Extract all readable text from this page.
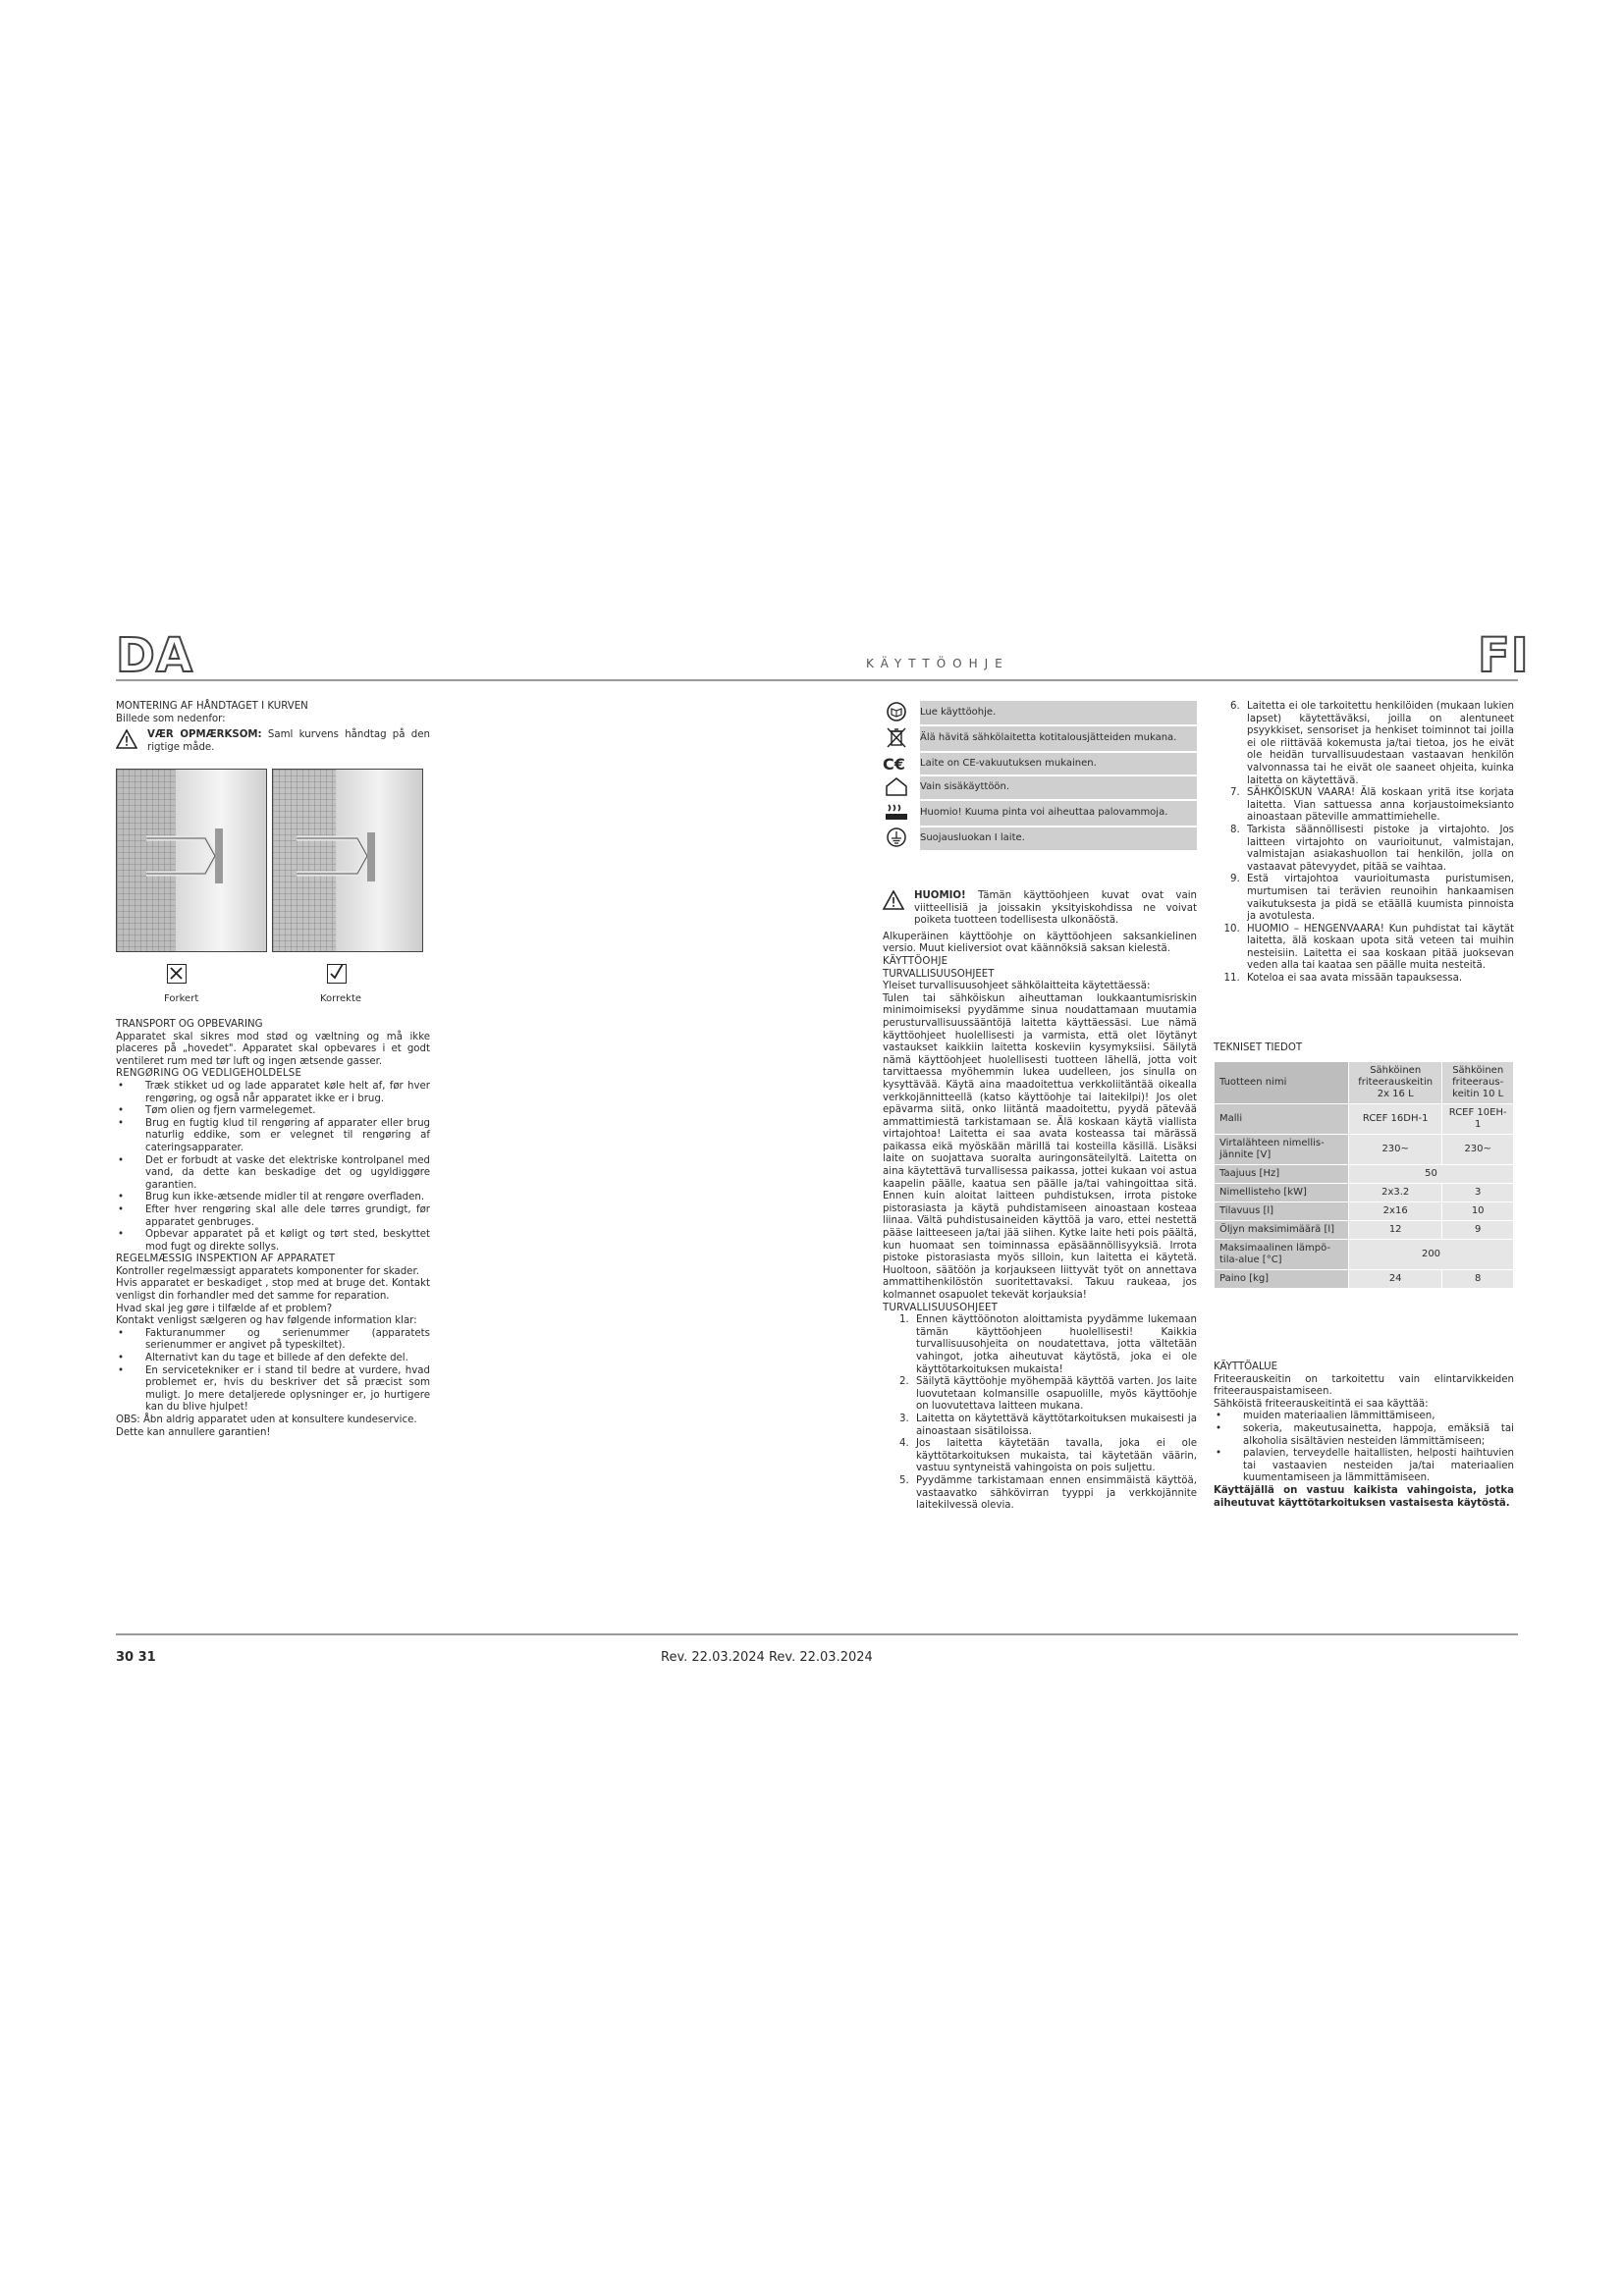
DA	KÄYTTÖOHJE	FI

MONTERING AF HÅNDTAGET I KURVEN

Billede som nedenfor:

VÆR OPMÆRKSOM: Saml kurvens håndtag på den rigtige måde.

Forkert	Korrekte

TRANSPORT OG OPBEVARING

Apparatet skal sikres mod stød og væltning og må ikke placeres på „hovedet". Apparatet skal opbevares i et godt ventileret rum med tør luft og ingen ætsende gasser.

RENGØRING OG VEDLIGEHOLDELSE

• Træk stikket ud og lade apparatet køle helt af, før hver rengøring, og også når apparatet ikke er i brug.
• Tøm olien og fjern varmelegemet.
• Brug en fugtig klud til rengøring af apparater eller brug naturlig eddike, som er velegnet til rengøring af cateringsapparater.
• Det er forbudt at vaske det elektriske kontrolpanel med vand, da dette kan beskadige det og ugyldiggøre garantien.
• Brug kun ikke-ætsende midler til at rengøre overfladen.
• Efter hver rengøring skal alle dele tørres grundigt, før apparatet genbruges.
• Opbevar apparatet på et køligt og tørt sted, beskyttet mod fugt og direkte sollys.

REGELMÆSSIG INSPEKTION AF APPARATET

Kontroller regelmæssigt apparatets komponenter for skader.

Hvis apparatet er beskadiget , stop med at bruge det. Kontakt venligst din forhandler med det samme for reparation.

Hvad skal jeg gøre i tilfælde af et problem?

Kontakt venligst sælgeren og hav følgende information klar:

• Fakturanummer og serienummer (apparatets serienummer er angivet på typeskiltet).
• Alternativt kan du tage et billede af den defekte del.
• En servicetekniker er i stand til bedre at vurdere, hvad problemet er, hvis du beskriver det så præcist som muligt. Jo mere detaljerede oplysninger er, jo hurtigere kan du blive hjulpet!

OBS: Åbn aldrig apparatet uden at konsultere kundeservice. Dette kan annullere garantien!

	Lue käyttöohje.
	Älä hävitä sähkölaitetta kotitalousjätteiden mukana.
C€	Laite on CE-vakuutuksen mukainen.
	Vain sisäkäyttöön.
	Huomio! Kuuma pinta voi aiheuttaa palovammoja.
	Suojausluokan I laite.

HUOMIO! Tämän käyttöohjeen kuvat ovat vain viitteellisiä ja joissakin yksityiskohdissa ne voivat poiketa tuotteen todellisesta ulkonäöstä.

Alkuperäinen käyttöohje on käyttöohjeen saksankielinen versio. Muut kieliversiot ovat käännöksiä saksan kielestä.

KÄYTTÖOHJE

TURVALLISUUSOHJEET

Yleiset turvallisuusohjeet sähkölaitteita käytettäessä:

Tulen tai sähköiskun aiheuttaman loukkaantumisriskin minimoimiseksi pyydämme sinua noudattamaan muutamia perusturvallisuussääntöjä laitetta käyttäessäsi. Lue nämä käyttöohjeet huolellisesti ja varmista, että olet löytänyt vastaukset kaikkiin laitetta koskeviin kysymyksiisi. Säilytä nämä käyttöohjeet huolellisesti tuotteen lähellä, jotta voit tarvittaessa myöhemmin lukea uudelleen, jos sinulla on kysyttävää. Käytä aina maadoitettua verkkoliitäntää oikealla verkkojännitteellä (katso käyttöohje tai laitekilpi)! Jos olet epävarma siitä, onko liitäntä maadoitettu, pyydä pätevää ammattimiestä tarkistamaan se. Älä koskaan käytä viallista virtajohtoa! Laitetta ei saa avata kosteassa tai märässä paikassa eikä myöskään märillä tai kosteilla käsillä. Lisäksi laite on suojattava suoralta auringonsäteilyltä. Laitetta on aina käytettävä turvallisessa paikassa, jottei kukaan voi astua kaapelin päälle, kaatua sen päälle ja/tai vahingoittaa sitä. Ennen kuin aloitat laitteen puhdistuksen, irrota pistoke pistorasiasta ja käytä puhdistamiseen ainoastaan kosteaa liinaa. Vältä puhdistusaineiden käyttöä ja varo, ettei nestettä pääse laitteeseen ja/tai jää siihen. Kytke laite heti pois päältä, kun huomaat sen toiminnassa epäsäännöllisyyksiä. Irrota pistoke pistorasiasta myös silloin, kun laitetta ei käytetä. Huoltoon, säätöön ja korjaukseen liittyvät työt on annettava ammattihenkilöstön suoritettavaksi. Takuu raukeaa, jos kolmannet osapuolet tekevät korjauksia!

TURVALLISUUSOHJEET

1. Ennen käyttöönoton aloittamista pyydämme lukemaan tämän käyttöohjeen huolellisesti! Kaikkia turvallisuusohjeita on noudatettava, jotta vältetään vahingot, jotka aiheutuvat käytöstä, joka ei ole käyttötarkoituksen mukaista!
2. Säilytä käyttöohje myöhempää käyttöä varten. Jos laite luovutetaan kolmansille osapuolille, myös käyttöohje on luovutettava laitteen mukana.
3. Laitetta on käytettävä käyttötarkoituksen mukaisesti ja ainoastaan sisätiloissa.
4. Jos laitetta käytetään tavalla, joka ei ole käyttötarkoituksen mukaista, tai käytetään väärin, vastuu syntyneistä vahingoista on pois suljettu.
5. Pyydämme tarkistamaan ennen ensimmäistä käyttöä, vastaavatko sähkövirran tyyppi ja verkkojännite laitekilvessä olevia.
6. Laitetta ei ole tarkoitettu henkilöiden (mukaan lukien lapset) käytettäväksi, joilla on alentuneet psyykkiset, sensoriset ja henkiset toiminnot tai joilla ei ole riittävää kokemusta ja/tai tietoa, jos he eivät ole heidän turvallisuudestaan vastaavan henkilön valvonnassa tai he eivät ole saaneet ohjeita, kuinka laitetta on käytettävä.
7. SÄHKÖISKUN VAARA! Älä koskaan yritä itse korjata laitetta. Vian sattuessa anna korjaustoimeksianto ainoastaan päteville ammattimiehelle.
8. Tarkista säännöllisesti pistoke ja virtajohto. Jos laitteen virtajohto on vaurioitunut, valmistajan, valmistajan asiakashuollon tai henkilön, jolla on vastaavat pätevyydet, pitää se vaihtaa.
9. Estä virtajohtoa vaurioitumasta puristumisen, murtumisen tai terävien reunoihin hankaamisen vaikutuksesta ja pidä se etäällä kuumista pinnoista ja avotulesta.
10. HUOMIO – HENGENVAARA! Kun puhdistat tai käytät laitetta, älä koskaan upota sitä veteen tai muihin nesteisiin. Laitetta ei saa koskaan pitää juoksevan veden alla tai kaataa sen päälle muita nesteitä.
11. Koteloa ei saa avata missään tapauksessa.
TEKNISET TIEDOT
Tuotteen nimi	Sähköinen friteerauskeitin 2x 16 L	Sähköinen friteeraus-keitin 10 L
Malli	RCEF 16DH-1	RCEF 10EH-1
Virtalähteen nimellis-jännite [V]	230~	230~
Taajuus [Hz]	50	
Nimellisteho [kW]	2x3.2	3
Tilavuus [l]	2x16	10
Öljyn maksimimäärä [l]	12	9
Maksimaalinen lämpö-tila-alue [°C]	200	
Paino [kg]	24	8

KÄYTTÖALUE

Friteerauskeitin on tarkoitettu vain elintarvikkeiden friteerauspaistamiseen.

Sähköistä friteerauskeitintä ei saa käyttää:

• muiden materiaalien lämmittämiseen,
• sokeria, makeutusainetta, happoja, emäksiä tai alkoholia sisältävien nesteiden lämmittämiseen;
• palavien, terveydelle haitallisten, helposti haihtuvien tai vastaavien nesteiden ja/tai materiaalien kuumentamiseen ja lämmittämiseen.

Käyttäjällä on vastuu kaikista vahingoista, jotka aiheutuvat käyttötarkoituksen vastaisesta käytöstä.

30 31	Rev. 22.03.2024 Rev. 22.03.2024
